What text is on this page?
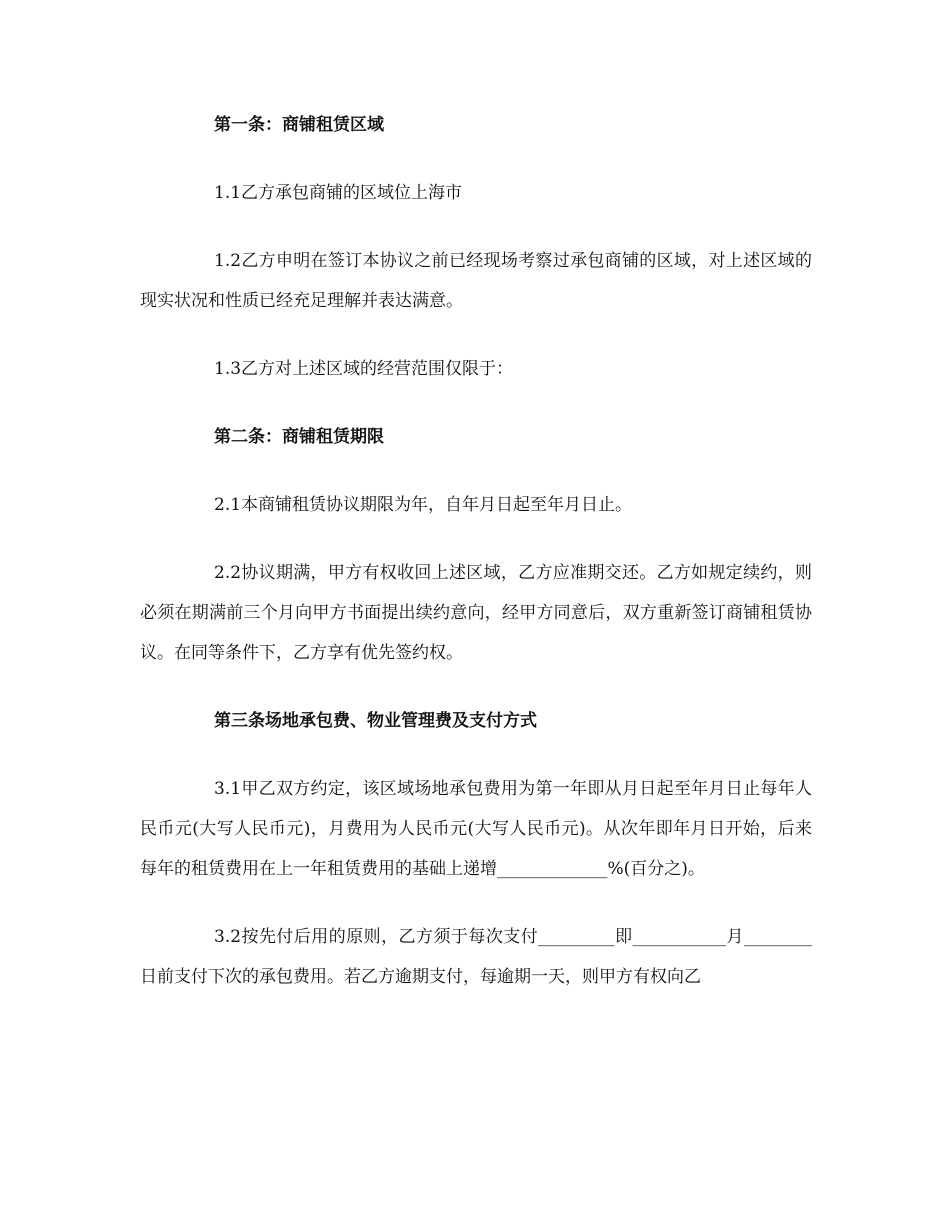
第一条：商铺租赁区域
1.1乙方承包商铺的区域位上海市
1.2乙方申明在签订本协议之前已经现场考察过承包商铺的区域，对上述区域的现实状况和性质已经充足理解并表达满意。
1.3乙方对上述区域的经营范围仅限于：
第二条：商铺租赁期限
2.1本商铺租赁协议期限为年，自年月日起至年月日止。
2.2协议期满，甲方有权收回上述区域，乙方应准期交还。乙方如规定续约，则必须在期满前三个月向甲方书面提出续约意向，经甲方同意后，双方重新签订商铺租赁协议。在同等条件下，乙方享有优先签约权。
第三条场地承包费、物业管理费及支付方式
3.1甲乙双方约定，该区域场地承包费用为第一年即从月日起至年月日止每年人民币元(大写人民币元)，月费用为人民币元(大写人民币元)。从次年即年月日开始，后来每年的租赁费用在上一年租赁费用的基础上递增_____________%(百分之)。
3.2按先付后用的原则，乙方须于每次支付_________即___________月________日前支付下次的承包费用。若乙方逾期支付，每逾期一天，则甲方有权向乙
